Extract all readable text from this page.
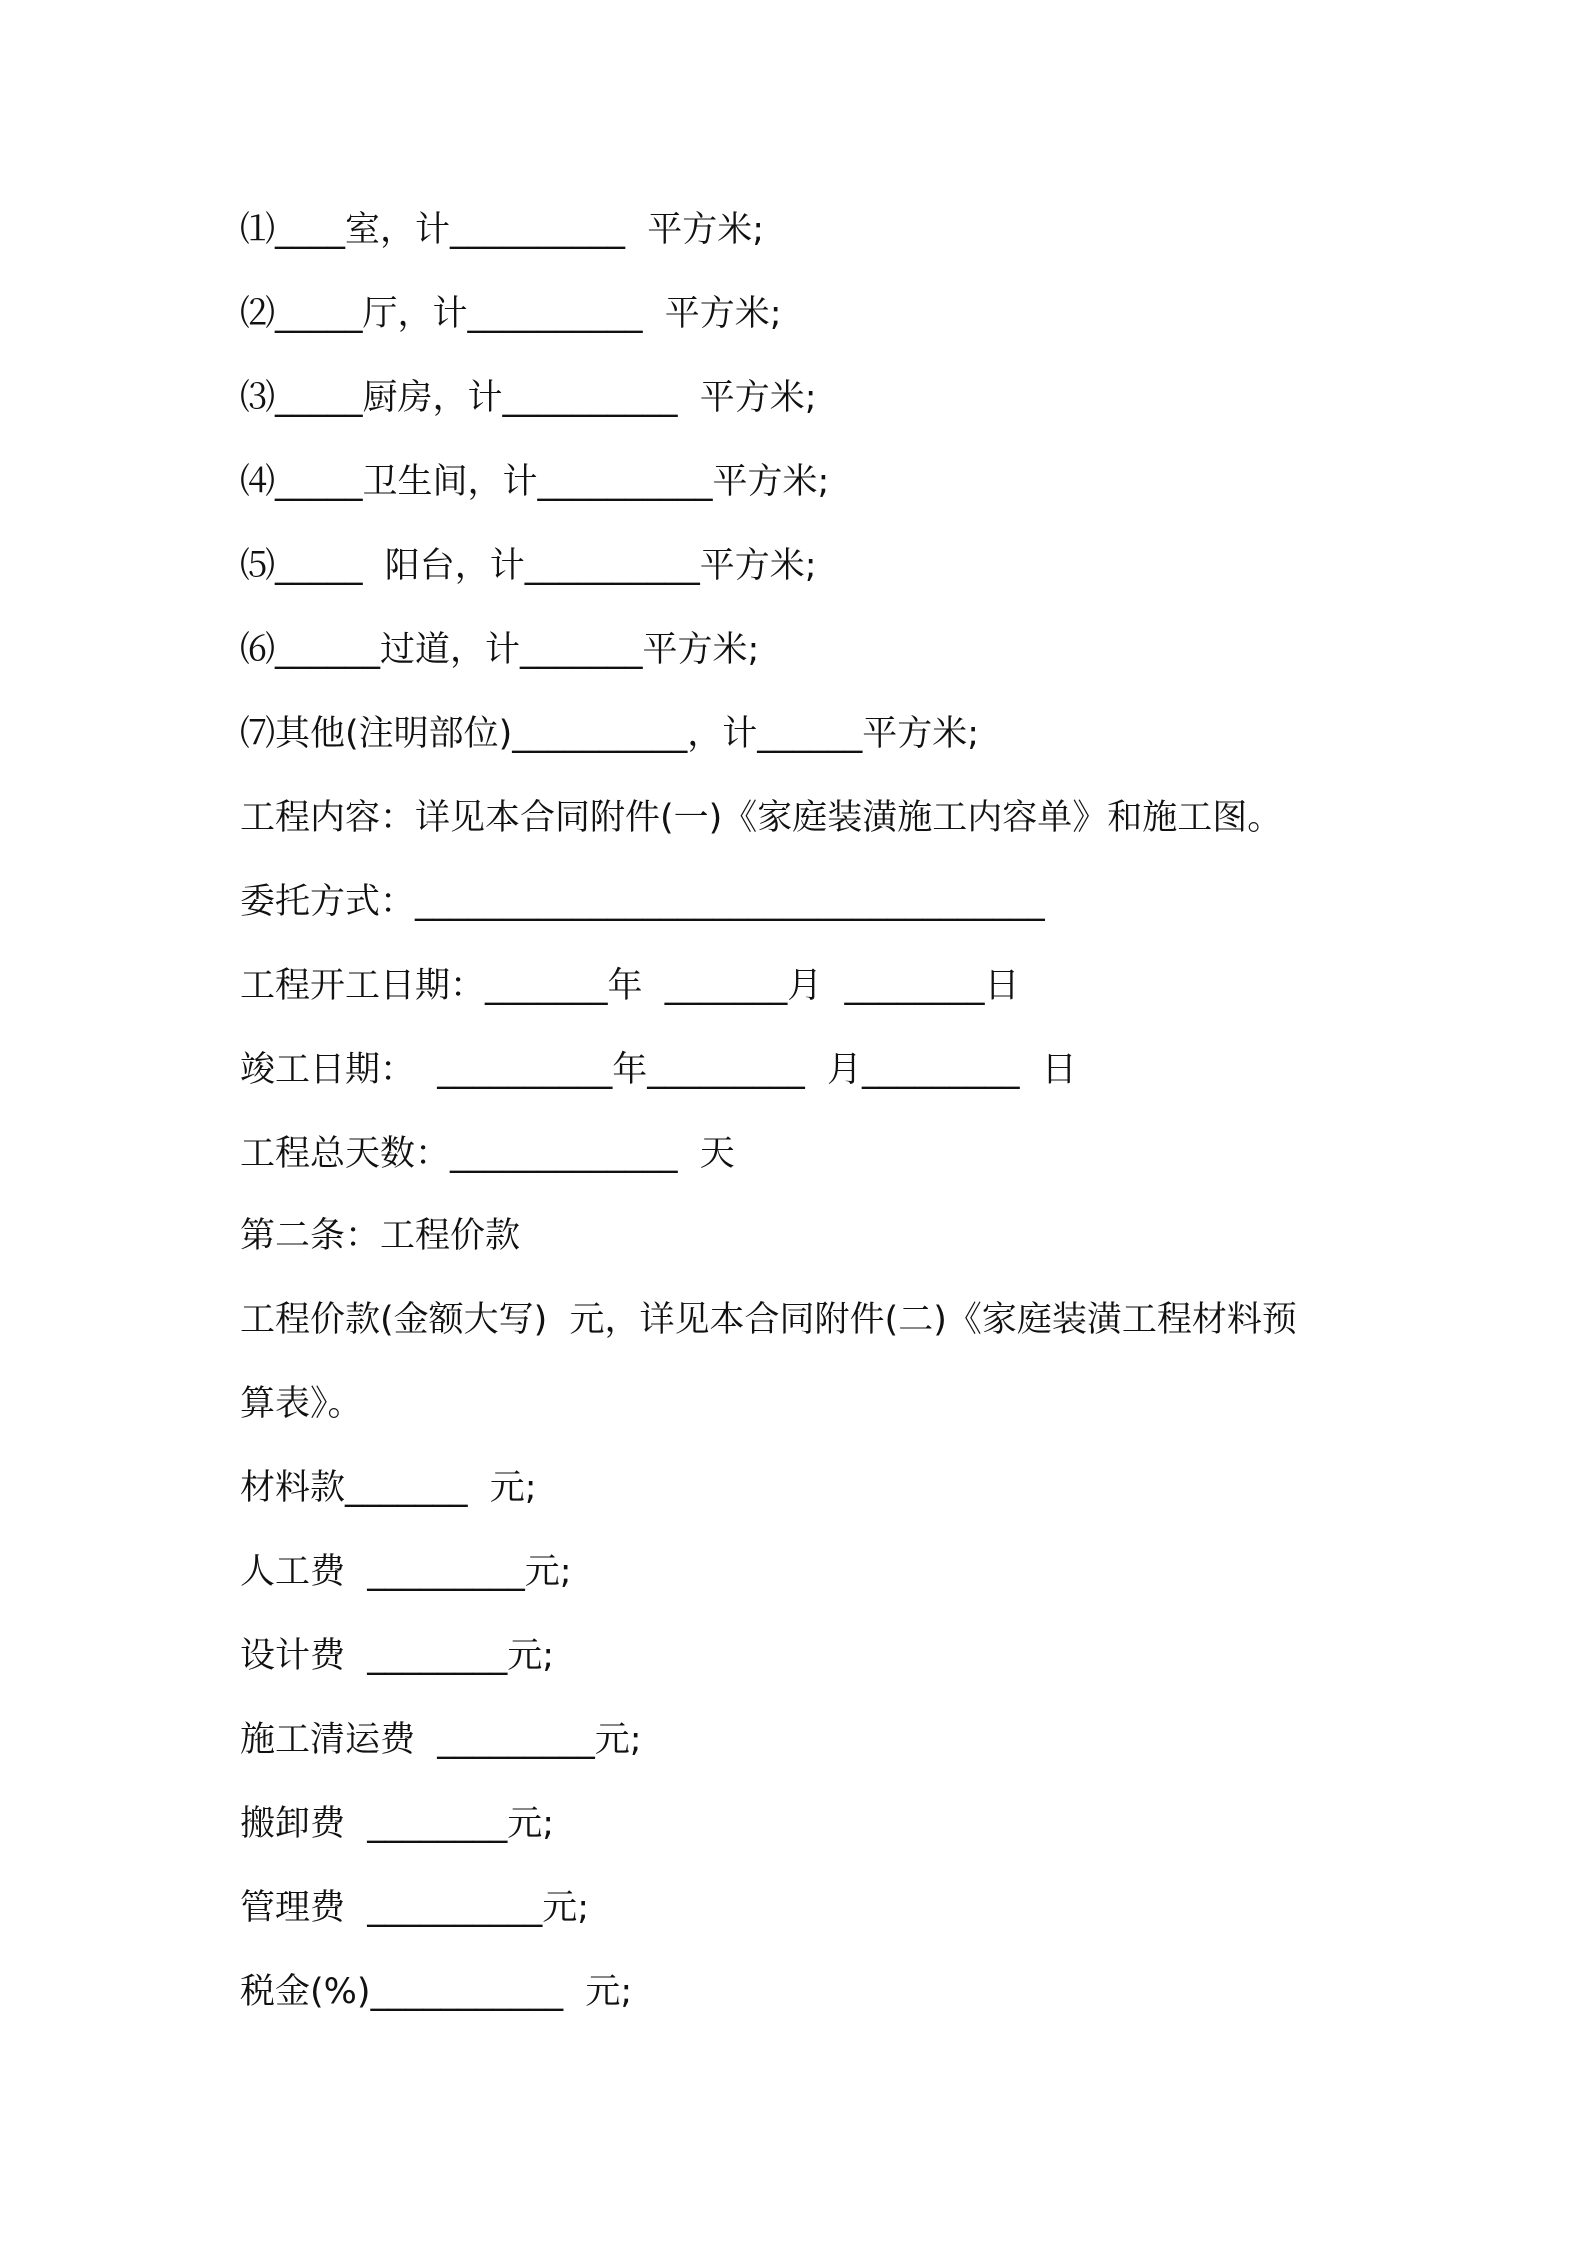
⑴____室，计__________  平方米;
⑵_____厅，计__________  平方米;
⑶_____厨房，计__________  平方米;
⑷_____卫生间，计__________平方米;
⑸_____  阳台，计__________平方米;
⑹______过道，计_______平方米;
⑺其他(注明部位)__________，计______平方米;
工程内容：详见本合同附件(一)《家庭装潢施工内容单》和施工图。
委托方式：____________________________________
工程开工日期：_______年  _______月  ________日
竣工日期：  __________年_________  月_________  日
工程总天数：_____________  天
第二条：工程价款
工程价款(金额大写)  元，详见本合同附件(二)《家庭装潢工程材料预
算表》。
材料款_______  元;
人工费  _________元;
设计费  ________元;
施工清运费  _________元;
搬卸费  ________元;
管理费  __________元;
税金(%)___________  元;
